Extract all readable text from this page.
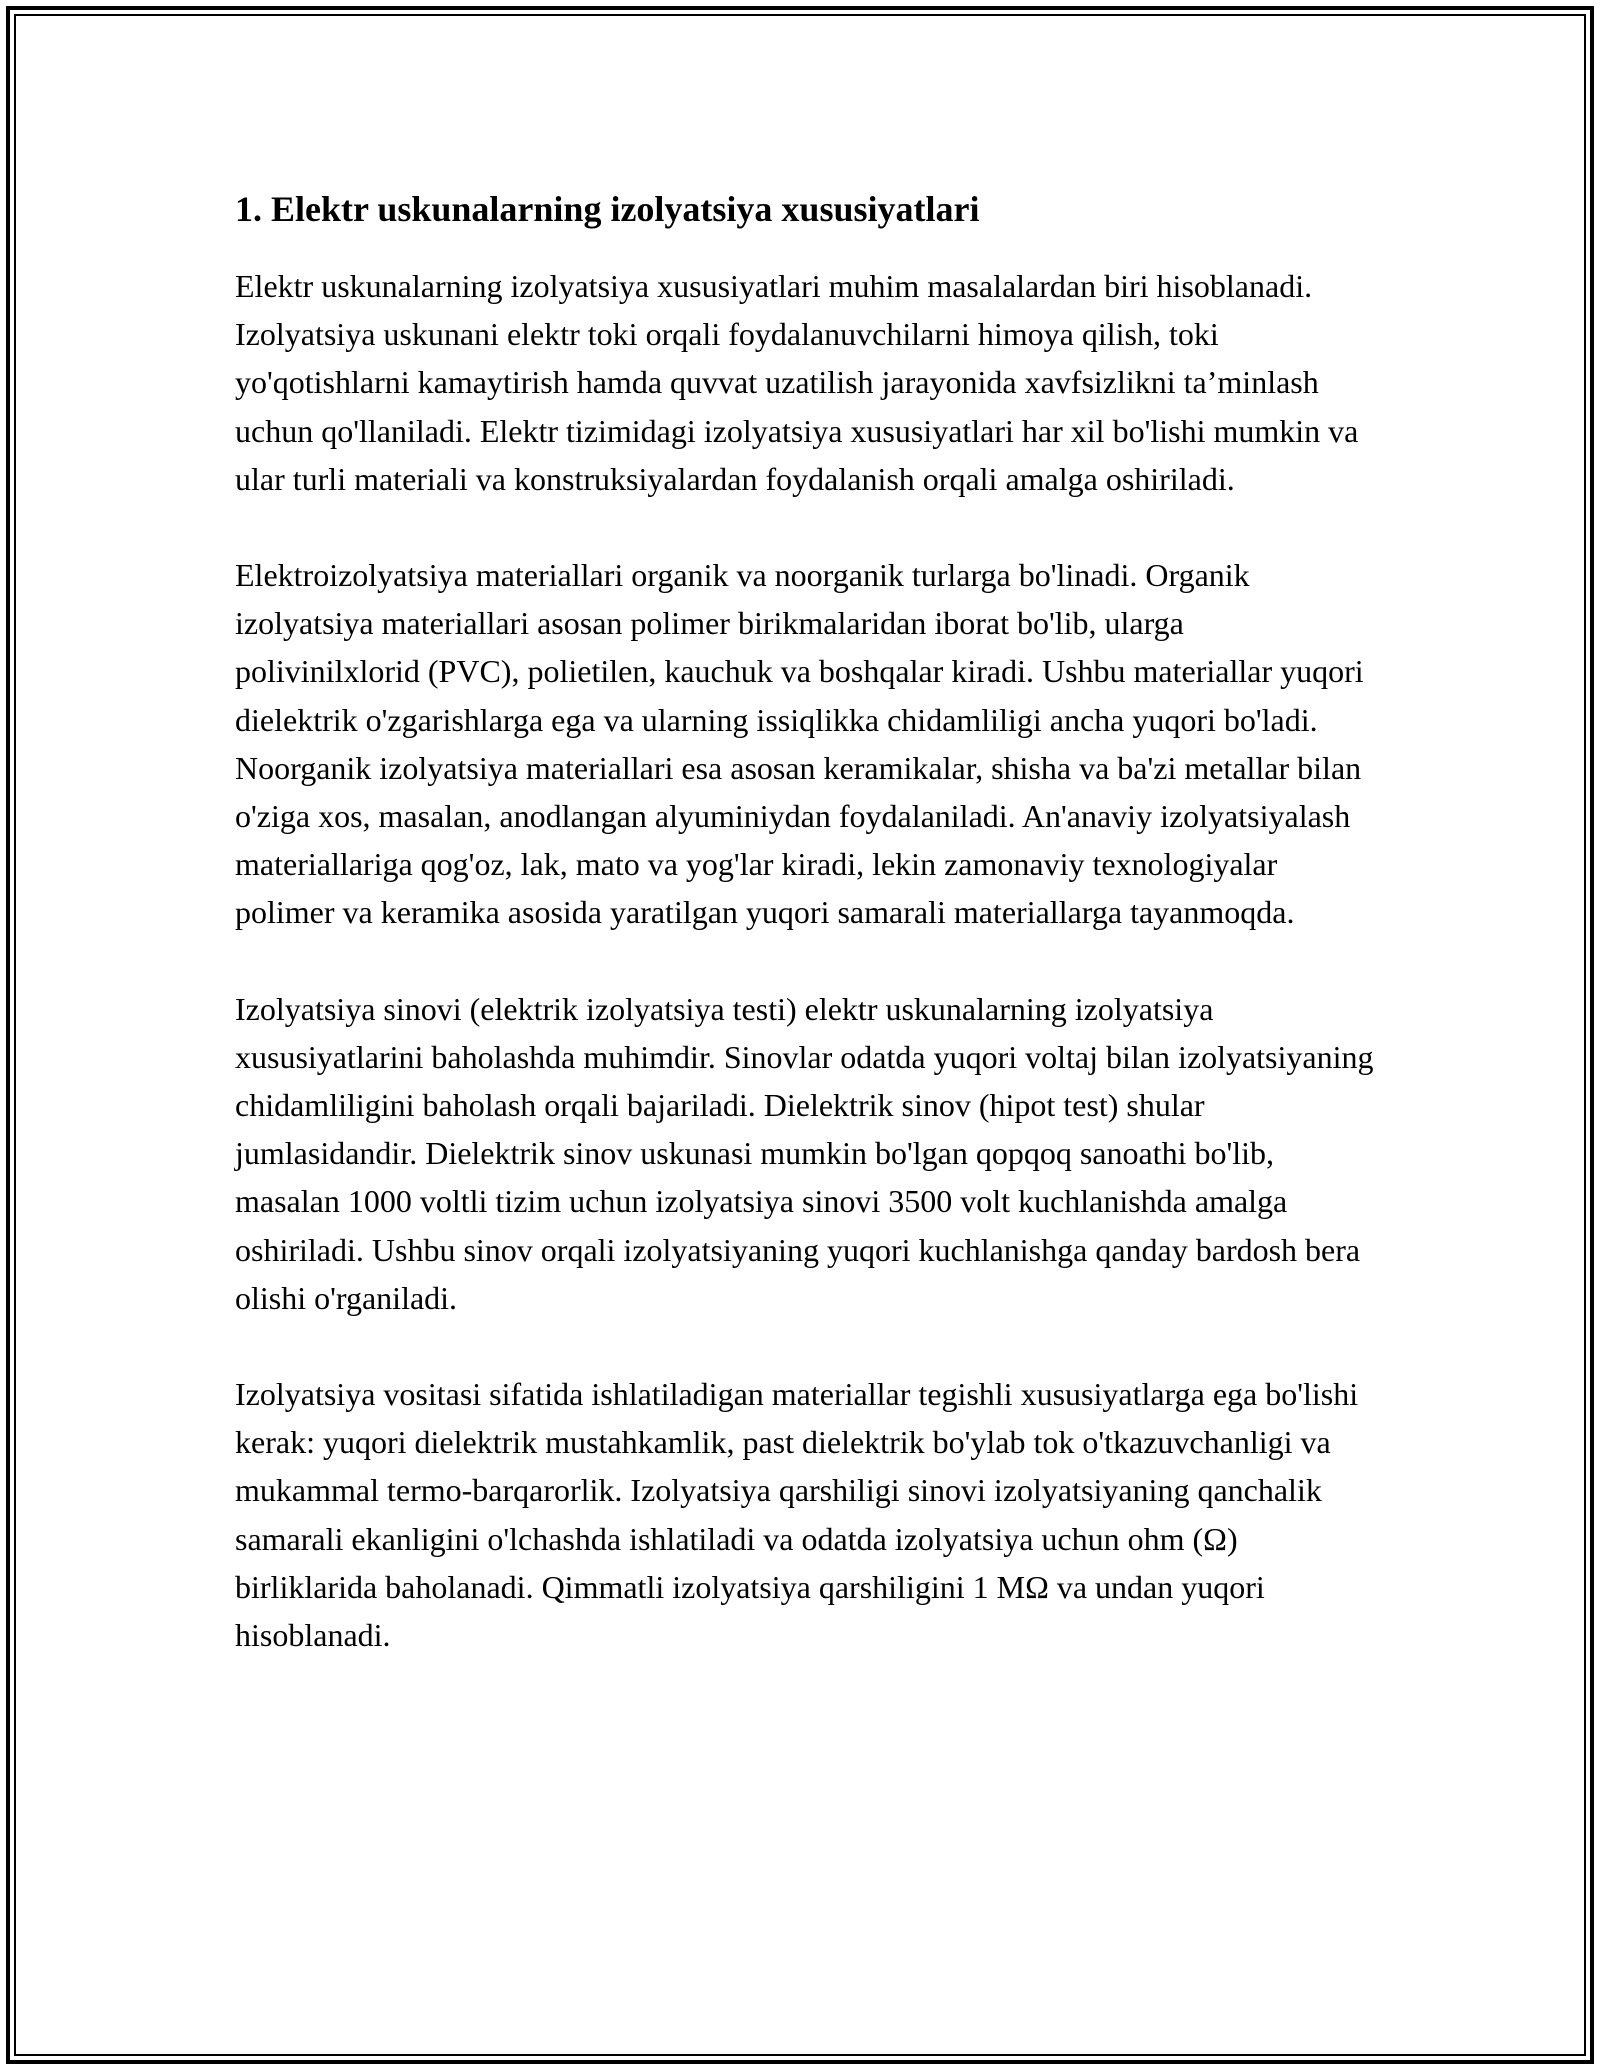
1. Elektr uskunalarning izolyatsiya xususiyatlari

Elektr uskunalarning izolyatsiya xususiyatlari muhim masalalardan biri hisoblanadi. Izolyatsiya uskunani elektr toki orqali foydalanuvchilarni himoya qilish, toki yo'qotishlarni kamaytirish hamda quvvat uzatilish jarayonida xavfsizlikni ta’minlash uchun qo'llaniladi. Elektr tizimidagi izolyatsiya xususiyatlari har xil bo'lishi mumkin va ular turli materiali va konstruksiyalardan foydalanish orqali amalga oshiriladi.

Elektroizolyatsiya materiallari organik va noorganik turlarga bo'linadi. Organik izolyatsiya materiallari asosan polimer birikmalaridan iborat bo'lib, ularga polivinilxlorid (PVC), polietilen, kauchuk va boshqalar kiradi. Ushbu materiallar yuqori dielektrik o'zgarishlarga ega va ularning issiqlikka chidamliligi ancha yuqori bo'ladi. Noorganik izolyatsiya materiallari esa asosan keramikalar, shisha va ba'zi metallar bilan o'ziga xos, masalan, anodlangan alyuminiydan foydalaniladi. An'anaviy izolyatsiyalash materiallariga qog'oz, lak, mato va yog'lar kiradi, lekin zamonaviy texnologiyalar polimer va keramika asosida yaratilgan yuqori samarali materiallarga tayanmoqda.

Izolyatsiya sinovi (elektrik izolyatsiya testi) elektr uskunalarning izolyatsiya xususiyatlarini baholashda muhimdir. Sinovlar odatda yuqori voltaj bilan izolyatsiyaning chidamliligini baholash orqali bajariladi. Dielektrik sinov (hipot test) shular jumlasidandir. Dielektrik sinov uskunasi mumkin bo'lgan qopqoq sanoathi bo'lib, masalan 1000 voltli tizim uchun izolyatsiya sinovi 3500 volt kuchlanishda amalga oshiriladi. Ushbu sinov orqali izolyatsiyaning yuqori kuchlanishga qanday bardosh bera olishi o'rganiladi.

Izolyatsiya vositasi sifatida ishlatiladigan materiallar tegishli xususiyatlarga ega bo'lishi kerak: yuqori dielektrik mustahkamlik, past dielektrik bo'ylab tok o'tkazuvchanligi va mukammal termo-barqarorlik. Izolyatsiya qarshiligi sinovi izolyatsiyaning qanchalik samarali ekanligini o'lchashda ishlatiladi va odatda izolyatsiya uchun ohm (Ω) birliklarida baholanadi. Qimmatli izolyatsiya qarshiligini 1 MΩ va undan yuqori hisoblanadi.
